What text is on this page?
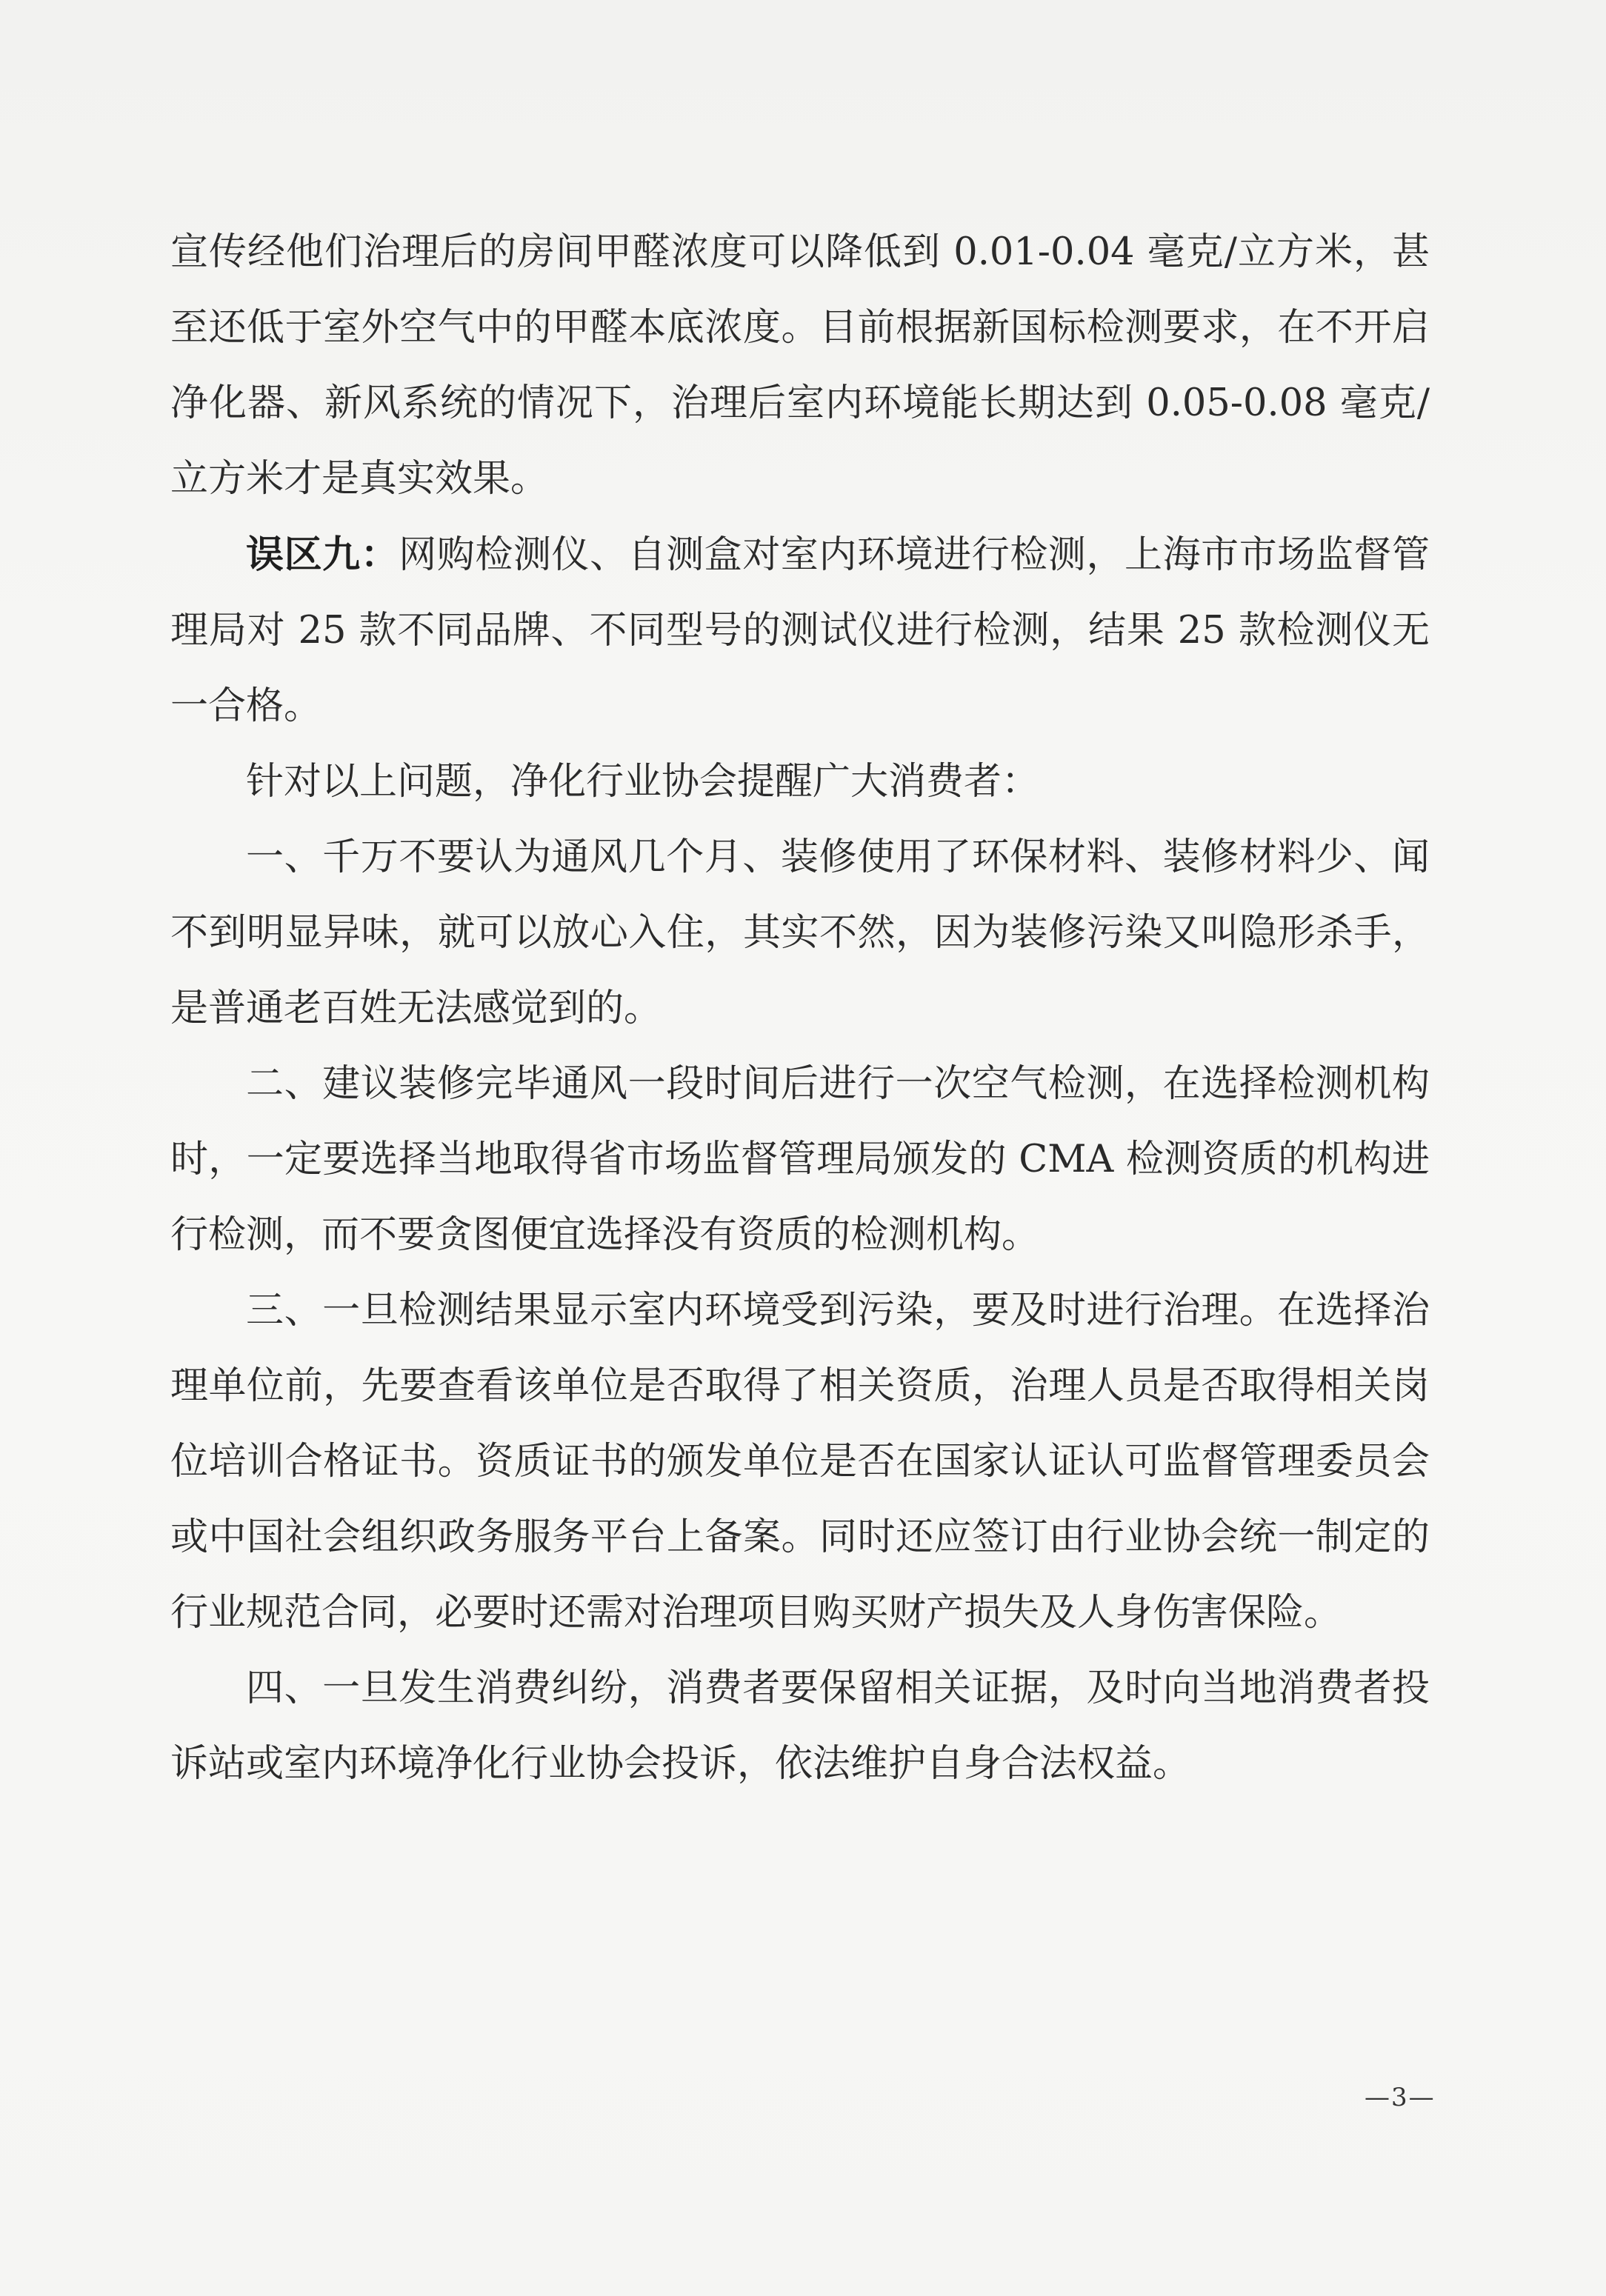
宣传经他们治理后的房间甲醛浓度可以降低到 0.01-0.04 毫克/立方米，甚至还低于室外空气中的甲醛本底浓度。目前根据新国标检测要求，在不开启净化器、新风系统的情况下，治理后室内环境能长期达到 0.05-0.08 毫克/立方米才是真实效果。

误区九：网购检测仪、自测盒对室内环境进行检测，上海市市场监督管理局对 25 款不同品牌、不同型号的测试仪进行检测，结果 25 款检测仪无一合格。

针对以上问题，净化行业协会提醒广大消费者：

一、千万不要认为通风几个月、装修使用了环保材料、装修材料少、闻不到明显异味，就可以放心入住，其实不然，因为装修污染又叫隐形杀手，是普通老百姓无法感觉到的。

二、建议装修完毕通风一段时间后进行一次空气检测，在选择检测机构时，一定要选择当地取得省市场监督管理局颁发的 CMA 检测资质的机构进行检测，而不要贪图便宜选择没有资质的检测机构。

三、一旦检测结果显示室内环境受到污染，要及时进行治理。在选择治理单位前，先要查看该单位是否取得了相关资质，治理人员是否取得相关岗位培训合格证书。资质证书的颁发单位是否在国家认证认可监督管理委员会或中国社会组织政务服务平台上备案。同时还应签订由行业协会统一制定的行业规范合同，必要时还需对治理项目购买财产损失及人身伤害保险。

四、一旦发生消费纠纷，消费者要保留相关证据，及时向当地消费者投诉站或室内环境净化行业协会投诉，依法维护自身合法权益。

—3—
